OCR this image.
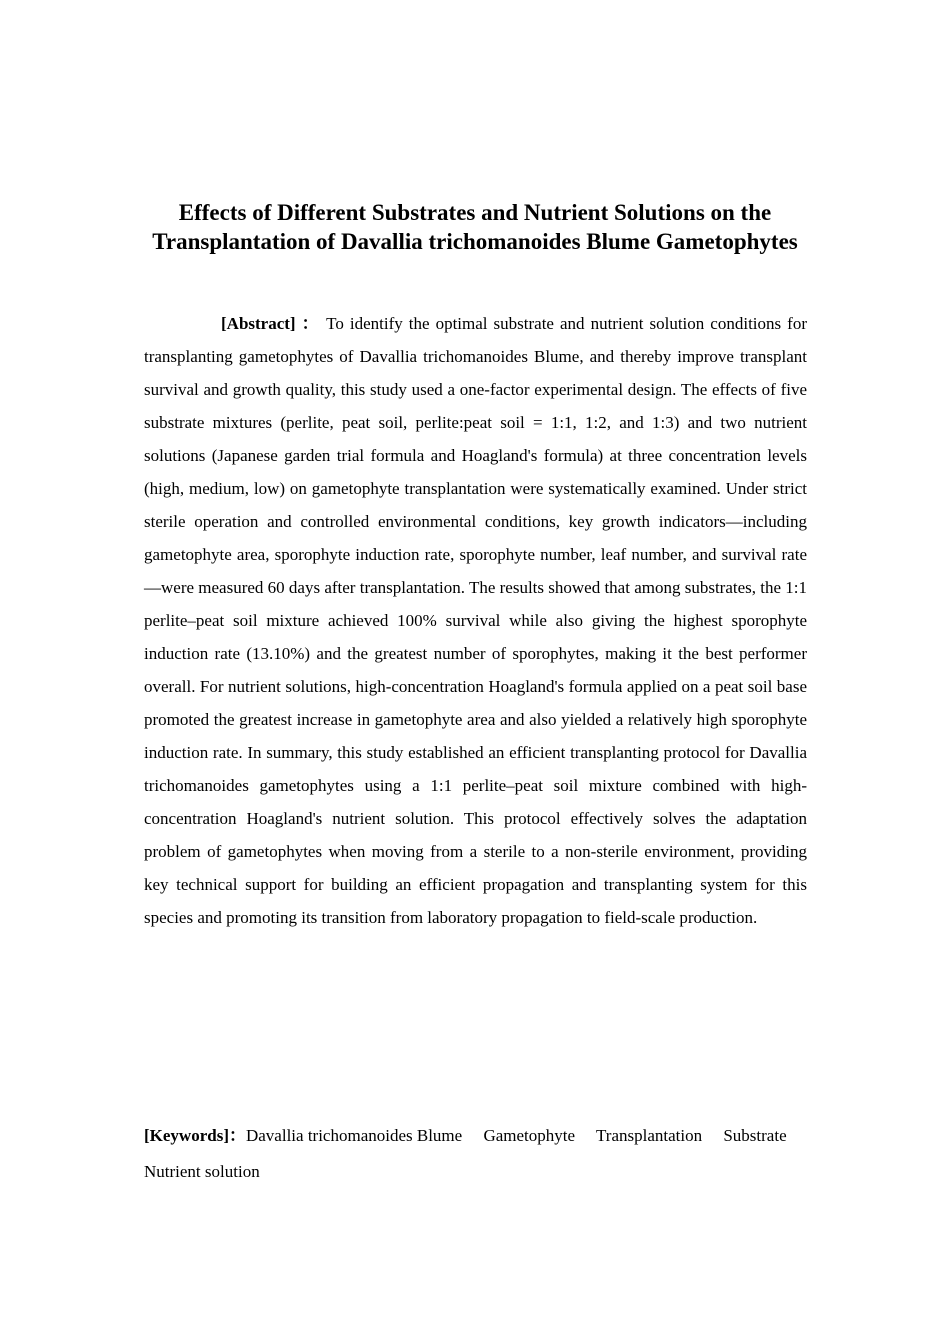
Effects of Different Substrates and Nutrient Solutions on the Transplantation of Davallia trichomanoides Blume Gametophytes

[Abstract] ： To identify the optimal substrate and nutrient solution conditions for transplanting gametophytes of Davallia trichomanoides Blume, and thereby improve transplant survival and growth quality, this study used a one-factor experimental design. The effects of five substrate mixtures (perlite, peat soil, perlite:peat soil = 1:1, 1:2, and 1:3) and two nutrient solutions (Japanese garden trial formula and Hoagland's formula) at three concentration levels (high, medium, low) on gametophyte transplantation were systematically examined. Under strict sterile operation and controlled environmental conditions, key growth indicators—including gametophyte area, sporophyte induction rate, sporophyte number, leaf number, and survival rate—were measured 60 days after transplantation. The results showed that among substrates, the 1:1 perlite–peat soil mixture achieved 100% survival while also giving the highest sporophyte induction rate (13.10%) and the greatest number of sporophytes, making it the best performer overall. For nutrient solutions, high-concentration Hoagland's formula applied on a peat soil base promoted the greatest increase in gametophyte area and also yielded a relatively high sporophyte induction rate. In summary, this study established an efficient transplanting protocol for Davallia trichomanoides gametophytes using a 1:1 perlite–peat soil mixture combined with high-concentration Hoagland's nutrient solution. This protocol effectively solves the adaptation problem of gametophytes when moving from a sterile to a non-sterile environment, providing key technical support for building an efficient propagation and transplanting system for this species and promoting its transition from laboratory propagation to field-scale production.

[Keywords]：Davallia trichomanoides Blume Gametophyte Transplantation Substrate Nutrient solution
